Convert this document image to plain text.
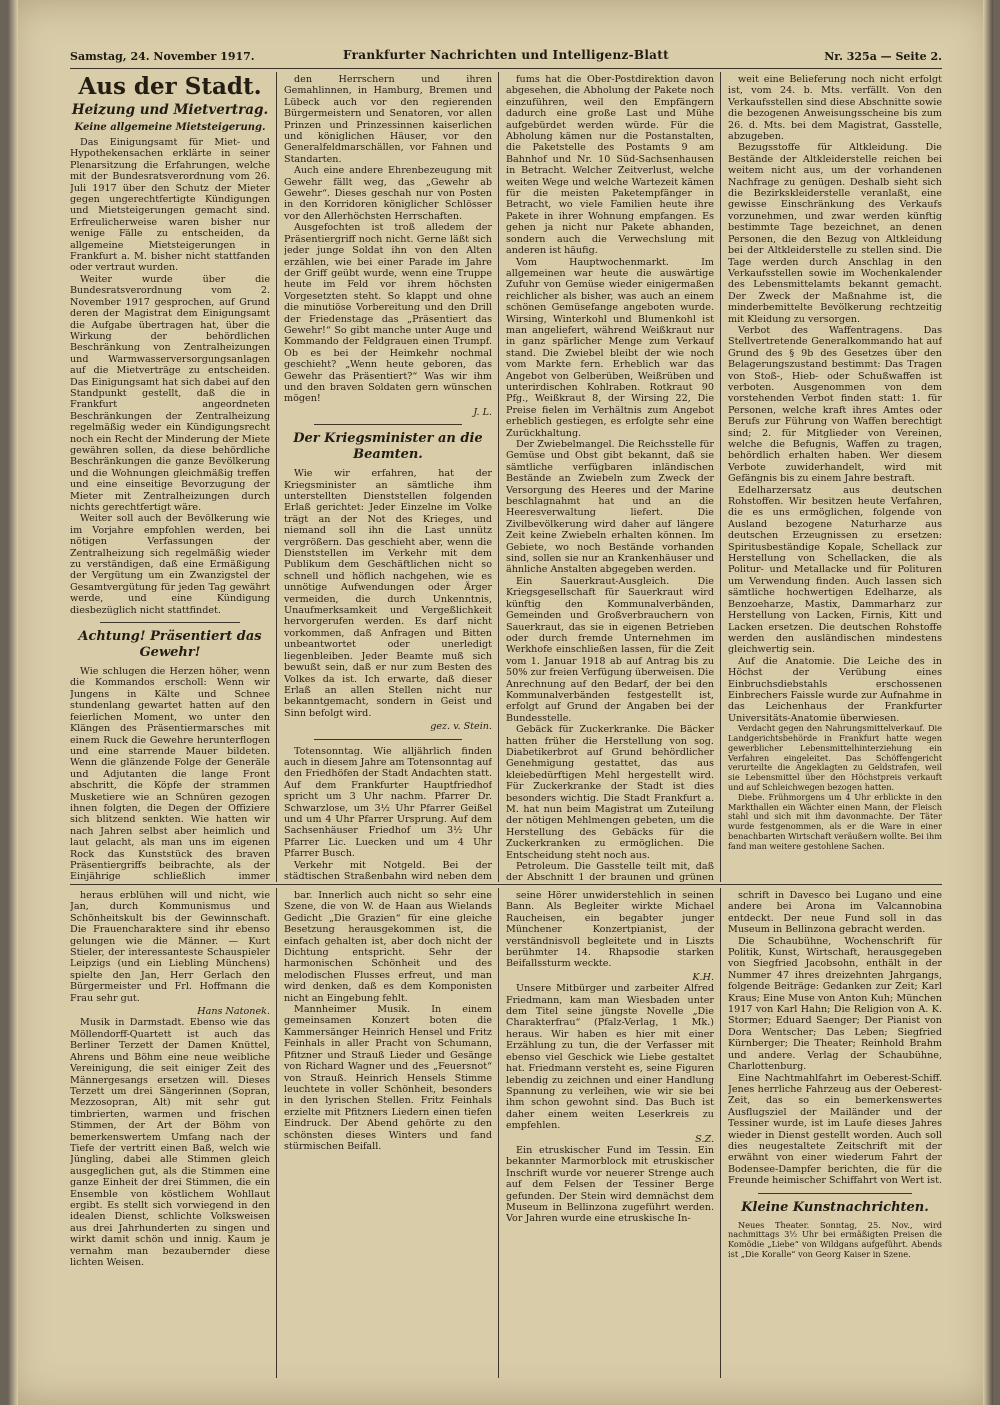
Samstag, 24. November 1917.	Frankfurter Nachrichten und Intelligenz-Blatt	Nr. 325a — Seite 2.
Aus der Stadt.
Heizung und Mietvertrag.
Keine allgemeine Mietsteigerung.

Das Einigungsamt für Miet- und Hypothekensachen erklärte in seiner Plenarsitzung die Erfahrungen, welche mit der Bundesratsverordnung vom 26. Juli 1917 über den Schutz der Mieter gegen ungerechtfertigte Kündigungen und Mietsteigerungen gemacht sind. Erfreulicherweise waren bisher nur wenige Fälle zu entscheiden, da allgemeine Mietsteigerungen in Frankfurt a. M. bisher nicht stattfanden oder vertraut wurden.

Weiter wurde über die Bundesratsverordnung vom 2. November 1917 gesprochen, auf Grund deren der Magistrat dem Einigungsamt die Aufgabe übertragen hat, über die Wirkung der behördlichen Beschränkung von Zentralheizungen und Warmwasserversorgungsanlagen auf die Mietverträge zu entscheiden. Das Einigungsamt hat sich dabei auf den Standpunkt gestellt, daß die in Frankfurt angeordneten Beschränkungen der Zentralheizung regelmäßig weder ein Kündigungsrecht noch ein Recht der Minderung der Miete gewähren sollen, da diese behördliche Beschränkungen die ganze Bevölkerung und die Wohnungen gleichmäßig treffen und eine einseitige Bevorzugung der Mieter mit Zentralheizungen durch nichts gerechtfertigt wäre.

Weiter soll auch der Bevölkerung wie im Vorjahre empfohlen werden, bei nötigen Verfassungen der Zentralheizung sich regelmäßig wieder zu verständigen, daß eine Ermäßigung der Vergütung um ein Zwanzigstel der Gesamtvergütung für jeden Tag gewährt werde, und eine Kündigung diesbezüglich nicht stattfindet.

Achtung! Präsentiert das Gewehr!

Wie schlugen die Herzen höher, wenn die Kommandos erscholl: Wenn wir Jungens in Kälte und Schnee stundenlang gewartet hatten auf den feierlichen Moment, wo unter den Klängen des Präsentiermarsches mit einem Ruck die Gewehre herunterflogen und eine starrende Mauer bildeten. Wenn die glänzende Folge der Generäle und Adjutanten die lange Front abschritt, die Köpfe der strammen Musketiere wie an Schnüren gezogen ihnen folgten, die Degen der Offiziere sich blitzend senkten. Wie hatten wir nach Jahren selbst aber heimlich und laut gelacht, als man uns im eigenen Rock das Kunststück des braven Präsentiergriffs beibrachte, als der Einjährige schließlich immer

den Herrschern und ihren Gemahlinnen, in Hamburg, Bremen und Lübeck auch vor den regierenden Bürgermeistern und Senatoren, vor allen Prinzen und Prinzessinnen kaiserlichen und königlichen Häuser, vor den Generalfeldmarschällen, vor Fahnen und Standarten.

Auch eine andere Ehrenbezeugung mit Gewehr fällt weg, das „Gewehr ab Gewehr“. Dieses geschah nur von Posten in den Korridoren königlicher Schlösser vor den Allerhöchsten Herrschaften.

Ausgefochten ist troß alledem der Präsentiergriff noch nicht. Gerne läßt sich jeder junge Soldat ihn von den Alten erzählen, wie bei einer Parade im Jahre der Griff geübt wurde, wenn eine Truppe heute im Feld vor ihrem höchsten Vorgesetzten steht. So klappt und ohne die minutiöse Vorbereitung und den Drill der Friedenstage das „Präsentiert das Gewehr!“ So gibt manche unter Auge und Kommando der Feldgrauen einen Trumpf. Ob es bei der Heimkehr nochmal geschieht? „Wenn heute geboren, das Gewehr das Präsentiert?“ Was wir ihm und den braven Soldaten gern wünschen mögen!

J. L.
Der Kriegsminister an die Beamten.

Wie wir erfahren, hat der Kriegsminister an sämtliche ihm unterstellten Dienststellen folgenden Erlaß gerichtet: Jeder Einzelne im Volke trägt an der Not des Krieges, und niemand soll ihn die Last unnütz vergrößern. Das geschieht aber, wenn die Dienststellen im Verkehr mit dem Publikum dem Geschäftlichen nicht so schnell und höflich nachgehen, wie es unnötige Aufwendungen oder Ärger vermeiden, die durch Unkenntnis, Unaufmerksamkeit und Vergeßlichkeit hervorgerufen werden. Es darf nicht vorkommen, daß Anfragen und Bitten unbeantwortet oder unerledigt liegenbleiben. Jeder Beamte muß sich bewußt sein, daß er nur zum Besten des Volkes da ist. Ich erwarte, daß dieser Erlaß an allen Stellen nicht nur bekanntgemacht, sondern in Geist und Sinn befolgt wird.

gez. v. Stein.

Totensonntag. Wie alljährlich finden auch in diesem Jahre am Totensonntag auf den Friedhöfen der Stadt Andachten statt. Auf dem Frankfurter Hauptfriedhof spricht um 3 Uhr nachm. Pfarrer Dr. Schwarzlose, um 3½ Uhr Pfarrer Geißel und um 4 Uhr Pfarrer Ursprung. Auf dem Sachsenhäuser Friedhof um 3½ Uhr Pfarrer Lic. Luecken und um 4 Uhr Pfarrer Busch.

Verkehr mit Notgeld. Bei der städtischen Straßenbahn wird neben dem

fums hat die Ober-Postdirektion davon abgesehen, die Abholung der Pakete noch einzuführen, weil den Empfängern dadurch eine große Last und Mühe aufgebürdet werden würde. Für die Abholung kämen nur die Postanstalten, die Paketstelle des Postamts 9 am Bahnhof und Nr. 10 Süd-Sachsenhausen in Betracht. Welcher Zeitverlust, welche weiten Wege und welche Wartezeit kämen für die meisten Paketempfänger in Betracht, wo viele Familien heute ihre Pakete in ihrer Wohnung empfangen. Es gehen ja nicht nur Pakete abhanden, sondern auch die Verwechslung mit anderen ist häufig.

Vom Hauptwochenmarkt. Im allgemeinen war heute die auswärtige Zufuhr von Gemüse wieder einigermaßen reichlicher als bisher, was auch an einem schönen Gemüsefange angeboten wurde. Wirsing, Winterkohl und Blumenkohl ist man angeliefert, während Weißkraut nur in ganz spärlicher Menge zum Verkauf stand. Die Zwiebel bleibt der wie noch vom Markte fern. Erheblich war das Angebot von Gelberüben, Weißrüben und unterirdischen Kohlraben. Rotkraut 90 Pfg., Weißkraut 8, der Wirsing 22, Die Preise fielen im Verhältnis zum Angebot erheblich gestiegen, es erfolgte sehr eine Zurückhaltung.

Der Zwiebelmangel. Die Reichsstelle für Gemüse und Obst gibt bekannt, daß sie sämtliche verfügbaren inländischen Bestände an Zwiebeln zum Zweck der Versorgung des Heeres und der Marine beschlagnahmt hat und an die Heeresverwaltung liefert. Die Zivilbevölkerung wird daher auf längere Zeit keine Zwiebeln erhalten können. Im Gebiete, wo noch Bestände vorhanden sind, sollen sie nur an Krankenhäuser und ähnliche Anstalten abgegeben werden.

Ein Sauerkraut-Ausgleich. Die Kriegsgesellschaft für Sauerkraut wird künftig den Kommunalverbänden, Gemeinden und Großverbrauchern von Sauerkraut, das sie in eigenen Betrieben oder durch fremde Unternehmen im Werkhofe einschließen lassen, für die Zeit vom 1. Januar 1918 ab auf Antrag bis zu 50% zur freien Verfügung überweisen. Die Anrechnung auf den Bedarf, der bei den Kommunalverbänden festgestellt ist, erfolgt auf Grund der Angaben bei der Bundesstelle.

Gebäck für Zuckerkranke. Die Bäcker hatten früher die Herstellung von sog. Diabetikerbrot auf Grund behördlicher Genehmigung gestattet, das aus kleiebedürftigen Mehl hergestellt wird. Für Zuckerkranke der Stadt ist dies besonders wichtig. Die Stadt Frankfurt a. M. hat nun beim Magistrat um Zuteilung der nötigen Mehlmengen gebeten, um die Herstellung des Gebäcks für die Zuckerkranken zu ermöglichen. Die Entscheidung steht noch aus.

Petroleum. Die Gasstelle teilt mit, daß der Abschnitt 1 der braunen und grünen

weit eine Belieferung noch nicht erfolgt ist, vom 24. b. Mts. verfällt. Von den Verkaufsstellen sind diese Abschnitte sowie die bezogenen Anweisungsscheine bis zum 26. d. Mts. bei dem Magistrat, Gasstelle, abzugeben.

Bezugsstoffe für Altkleidung. Die Bestände der Altkleiderstelle reichen bei weitem nicht aus, um der vorhandenen Nachfrage zu genügen. Deshalb sieht sich die Bezirkskleiderstelle veranlaßt, eine gewisse Einschränkung des Verkaufs vorzunehmen, und zwar werden künftig bestimmte Tage bezeichnet, an denen Personen, die den Bezug von Altkleidung bei der Altkleiderstelle zu stellen sind. Die Tage werden durch Anschlag in den Verkaufsstellen sowie im Wochenkalender des Lebensmittelamts bekannt gemacht. Der Zweck der Maßnahme ist, die minderbemittelte Bevölkerung rechtzeitig mit Kleidung zu versorgen.

Verbot des Waffentragens. Das Stellvertretende Generalkommando hat auf Grund des § 9b des Gesetzes über den Belagerungszustand bestimmt: Das Tragen von Stoß-, Hieb- oder Schußwaffen ist verboten. Ausgenommen von dem vorstehenden Verbot finden statt: 1. für Personen, welche kraft ihres Amtes oder Berufs zur Führung von Waffen berechtigt sind; 2. für Mitglieder von Vereinen, welche die Befugnis, Waffen zu tragen, behördlich erhalten haben. Wer diesem Verbote zuwiderhandelt, wird mit Gefängnis bis zu einem Jahre bestraft.

Edelharzersatz aus deutschen Rohstoffen. Wir besitzen heute Verfahren, die es uns ermöglichen, folgende von Ausland bezogene Naturharze aus deutschen Erzeugnissen zu ersetzen: Spiritusbeständige Kopale, Schellack zur Herstellung von Schellacken, die als Politur- und Metallacke und für Polituren um Verwendung finden. Auch lassen sich sämtliche hochwertigen Edelharze, als Benzoeharze, Mastix, Dammarharz zur Herstellung von Lacken, Firnis, Kitt und Lacken ersetzen. Die deutschen Rohstoffe werden den ausländischen mindestens gleichwertig sein.

Auf die Anatomie. Die Leiche des in Höchst der Verübung eines Einbruchsdiebstahls erschossenen Einbrechers Faissle wurde zur Aufnahme in das Leichenhaus der Frankfurter Universitäts-Anatomie überwiesen.

Verdacht gegen den Nahrungsmittelverkauf. Die Landgerichtsbehörde in Frankfurt hatte wegen gewerblicher Lebensmittelhinterziehung ein Verfahren eingeleitet. Das Schöffengericht verurteilte die Angeklagten zu Geldstrafen, weil sie Lebensmittel über den Höchstpreis verkauft und auf Schleichwegen bezogen hatten.

Diebe. Frühmorgens um 4 Uhr erblickte in den Markthallen ein Wächter einen Mann, der Fleisch stahl und sich mit ihm davonmachte. Der Täter wurde festgenommen, als er die Ware in einer benachbarten Wirtschaft veräußern wollte. Bei ihm fand man weitere gestohlene Sachen.

heraus erblühen will und nicht, wie Jan, durch Kommunismus und Schönheitskult bis der Gewinnschaft. Die Frauencharaktere sind ihr ebenso gelungen wie die Männer. — Kurt Stieler, der interessanteste Schauspieler Leipzigs (und ein Liebling Münchens) spielte den Jan, Herr Gerlach den Bürgermeister und Frl. Hoffmann die Frau sehr gut.

Hans Natonek.

Musik in Darmstadt. Ebenso wie das Möllendorff-Quartett ist auch das Berliner Terzett der Damen Knüttel, Ahrens und Böhm eine neue weibliche Vereinigung, die seit einiger Zeit des Männergesangs ersetzen will. Dieses Terzett um drei Sängerinnen (Sopran, Mezzosopran, Alt) mit sehr gut timbrierten, warmen und frischen Stimmen, der Art der Böhm von bemerkenswertem Umfang nach der Tiefe der vertritt einen Baß, welch wie Jüngling, dabei alle Stimmen gleich ausgeglichen gut, als die Stimmen eine ganze Einheit der drei Stimmen, die ein Ensemble von köstlichem Wohllaut ergibt. Es stellt sich vorwiegend in den idealen Dienst, schlichte Volksweisen aus drei Jahrhunderten zu singen und wirkt damit schön und innig. Kaum je vernahm man bezaubernder diese lichten Weisen.

bar. Innerlich auch nicht so sehr eine Szene, die von W. de Haan aus Wielands Gedicht „Die Grazien“ für eine gleiche Besetzung herausgekommen ist, die einfach gehalten ist, aber doch nicht der Dichtung entspricht. Sehr der harmonischen Schönheit und des melodischen Flusses erfreut, und man wird denken, daß es dem Komponisten nicht an Eingebung fehlt.

Mannheimer Musik. In einem gemeinsamen Konzert boten die Kammersänger Heinrich Hensel und Fritz Feinhals in aller Pracht von Schumann, Pfitzner und Strauß Lieder und Gesänge von Richard Wagner und des „Feuersnot“ von Strauß. Heinrich Hensels Stimme leuchtete in voller Schönheit, besonders in den lyrischen Stellen. Fritz Feinhals erzielte mit Pfitzners Liedern einen tiefen Eindruck. Der Abend gehörte zu den schönsten dieses Winters und fand stürmischen Beifall.

seine Hörer unwiderstehlich in seinen Bann. Als Begleiter wirkte Michael Raucheisen, ein begabter junger Münchener Konzertpianist, der verständnisvoll begleitete und in Liszts berühmter 14. Rhapsodie starken Beifallssturm weckte.

K.H.

Unsere Mitbürger und zarbeiter Alfred Friedmann, kam man Wiesbaden unter dem Titel seine jüngste Novelle „Die Charakterfrau“ (Pfalz-Verlag, 1 Mk.) heraus. Wir haben es hier mit einer Erzählung zu tun, die der Verfasser mit ebenso viel Geschick wie Liebe gestaltet hat. Friedmann versteht es, seine Figuren lebendig zu zeichnen und einer Handlung Spannung zu verleihen, wie wir sie bei ihm schon gewohnt sind. Das Buch ist daher einem weiten Leserkreis zu empfehlen.

S.Z.

Ein etruskischer Fund im Tessin. Ein bekannter Marmorblock mit etruskischer Inschrift wurde vor neuerer Strenge auch auf dem Felsen der Tessiner Berge gefunden. Der Stein wird demnächst dem Museum in Bellinzona zugeführt werden. Vor Jahren wurde eine etruskische In-

schrift in Davesco bei Lugano und eine andere bei Arona im Valcannobina entdeckt. Der neue Fund soll in das Museum in Bellinzona gebracht werden.

Die Schaubühne, Wochenschrift für Politik, Kunst, Wirtschaft, herausgegeben von Siegfried Jacobsohn, enthält in der Nummer 47 ihres dreizehnten Jahrgangs, folgende Beiträge: Gedanken zur Zeit; Karl Kraus; Eine Muse von Anton Kuh; München 1917 von Karl Hahn; Die Religion von A. K. Stormer; Eduard Saenger; Der Pianist von Dora Wentscher; Das Leben; Siegfried Kürnberger; Die Theater; Reinhold Brahm und andere. Verlag der Schaubühne, Charlottenburg.

Eine Nachtmahlfahrt im Oeberest-Schiff. Jenes herrliche Fahrzeug aus der Oeberest-Zeit, das so ein bemerkenswertes Ausflugsziel der Mailänder und der Tessiner wurde, ist im Laufe dieses Jahres wieder in Dienst gestellt worden. Auch soll dies neugestaltete Zeitschrift mit der erwähnt von einer wiederum Fahrt der Bodensee-Dampfer berichten, die für die Freunde heimischer Schiffahrt von Wert ist.

Kleine Kunstnachrichten.

Neues Theater. Sonntag, 25. Nov., wird nachmittags 3½ Uhr bei ermäßigten Preisen die Komödie „Liebe“ von Wildgans aufgeführt. Abends ist „Die Koralle“ von Georg Kaiser in Szene.
